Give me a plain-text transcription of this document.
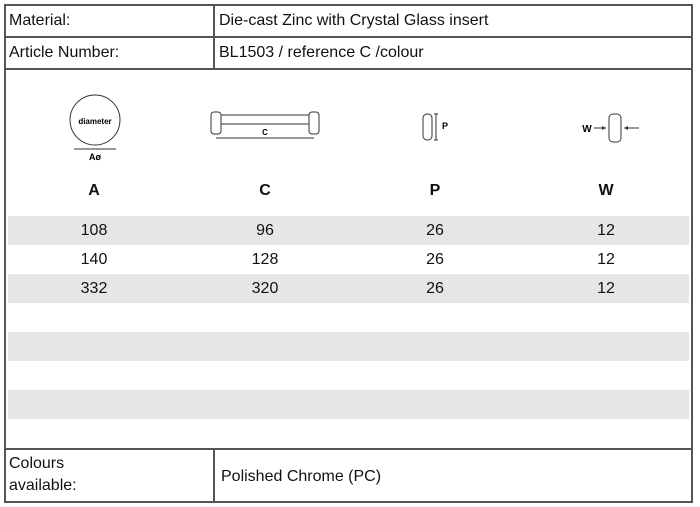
Material:	Die-cast Zinc with Crystal Glass insert
Article Number:	BL1503 / reference C /colour
diameter
Aø
C
P	W
A	C	P	W
108	96	26	12
140	128	26	12
332	320	26	12
Colours
available:
Polished Chrome (PC)
